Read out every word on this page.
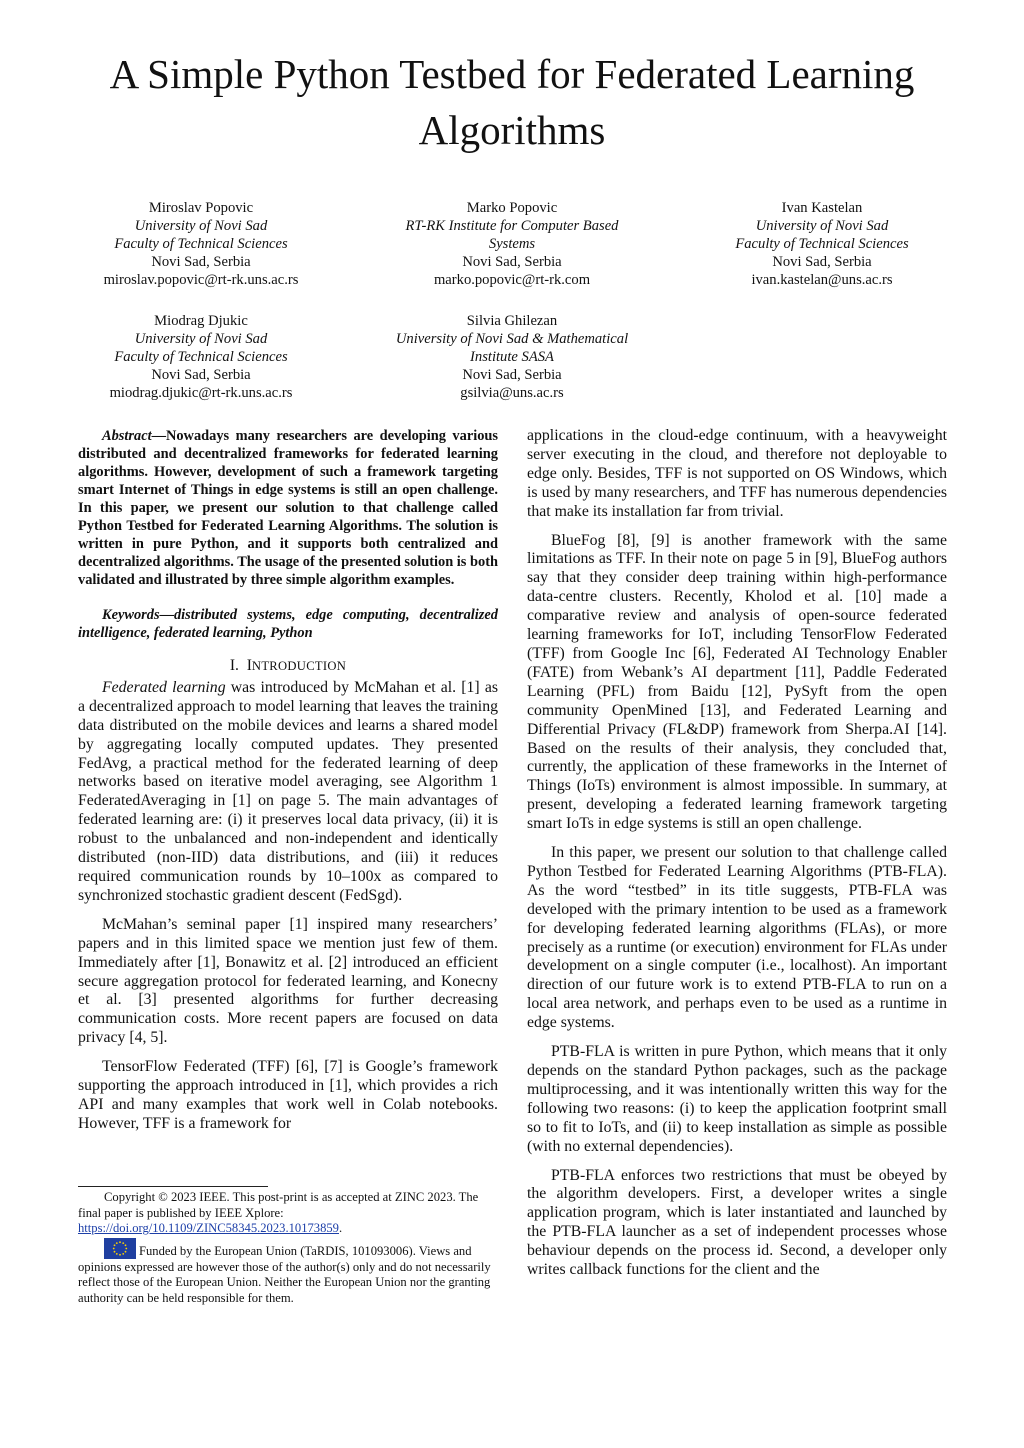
A Simple Python Testbed for Federated Learning
Algorithms
Miroslav Popovic
University of Novi Sad
Faculty of Technical Sciences
Novi Sad, Serbia
miroslav.popovic@rt-rk.uns.ac.rs
Marko Popovic
RT-RK Institute for Computer Based
Systems
Novi Sad, Serbia
marko.popovic@rt-rk.com
Ivan Kastelan
University of Novi Sad
Faculty of Technical Sciences
Novi Sad, Serbia
ivan.kastelan@uns.ac.rs
Miodrag Djukic
University of Novi Sad
Faculty of Technical Sciences
Novi Sad, Serbia
miodrag.djukic@rt-rk.uns.ac.rs
Silvia Ghilezan
University of Novi Sad & Mathematical
Institute SASA
Novi Sad, Serbia
gsilvia@uns.ac.rs

Abstract—Nowadays many researchers are developing various distributed and decentralized frameworks for federated learning algorithms. However, development of such a framework targeting smart Internet of Things in edge systems is still an open challenge. In this paper, we present our solution to that challenge called Python Testbed for Federated Learning Algorithms. The solution is written in pure Python, and it supports both centralized and decentralized algorithms. The usage of the presented solution is both validated and illustrated by three simple algorithm examples.

Keywords—distributed systems, edge computing, decentralized intelligence, federated learning, Python

I. INTRODUCTION

Federated learning was introduced by McMahan et al. [1] as a decentralized approach to model learning that leaves the training data distributed on the mobile devices and learns a shared model by aggregating locally computed updates. They presented FedAvg, a practical method for the federated learning of deep networks based on iterative model averaging, see Algorithm 1 FederatedAveraging in [1] on page 5. The main advantages of federated learning are: (i) it preserves local data privacy, (ii) it is robust to the unbalanced and non-independent and identically distributed (non-IID) data distributions, and (iii) it reduces required communication rounds by 10–100x as compared to synchronized stochastic gradient descent (FedSgd).

McMahan’s seminal paper [1] inspired many researchers’ papers and in this limited space we mention just few of them. Immediately after [1], Bonawitz et al. [2] introduced an efficient secure aggregation protocol for federated learning, and Konecny et al. [3] presented algorithms for further decreasing communication costs. More recent papers are focused on data privacy [4, 5].

TensorFlow Federated (TFF) [6], [7] is Google’s framework supporting the approach introduced in [1], which provides a rich API and many examples that work well in Colab notebooks. However, TFF is a framework for

applications in the cloud-edge continuum, with a heavyweight server executing in the cloud, and therefore not deployable to edge only. Besides, TFF is not supported on OS Windows, which is used by many researchers, and TFF has numerous dependencies that make its installation far from trivial.

BlueFog [8], [9] is another framework with the same limitations as TFF. In their note on page 5 in [9], BlueFog authors say that they consider deep training within high-performance data-centre clusters. Recently, Kholod et al. [10] made a comparative review and analysis of open-source federated learning frameworks for IoT, including TensorFlow Federated (TFF) from Google Inc [6], Federated AI Technology Enabler (FATE) from Webank’s AI department [11], Paddle Federated Learning (PFL) from Baidu [12], PySyft from the open community OpenMined [13], and Federated Learning and Differential Privacy (FL&DP) framework from Sherpa.AI [14]. Based on the results of their analysis, they concluded that, currently, the application of these frameworks in the Internet of Things (IoTs) environment is almost impossible. In summary, at present, developing a federated learning framework targeting smart IoTs in edge systems is still an open challenge.

In this paper, we present our solution to that challenge called Python Testbed for Federated Learning Algorithms (PTB-FLA). As the word “testbed” in its title suggests, PTB-FLA was developed with the primary intention to be used as a framework for developing federated learning algorithms (FLAs), or more precisely as a runtime (or execution) environment for FLAs under development on a single computer (i.e., localhost). An important direction of our future work is to extend PTB-FLA to run on a local area network, and perhaps even to be used as a runtime in edge systems.

PTB-FLA is written in pure Python, which means that it only depends on the standard Python packages, such as the package multiprocessing, and it was intentionally written this way for the following two reasons: (i) to keep the application footprint small so to fit to IoTs, and (ii) to keep installation as simple as possible (with no external dependencies).

PTB-FLA enforces two restrictions that must be obeyed by the algorithm developers. First, a developer writes a single application program, which is later instantiated and launched by the PTB-FLA launcher as a set of independent processes whose behaviour depends on the process id. Second, a developer only writes callback functions for the client and the

Copyright © 2023 IEEE. This post-print is as accepted at ZINC 2023. The final paper is published by IEEE Xplore:
https://doi.org/10.1109/ZINC58345.2023.10173859.
Funded by the European Union (TaRDIS, 101093006). Views and opinions expressed are however those of the author(s) only and do not necessarily reflect those of the European Union. Neither the European Union nor the granting authority can be held responsible for them.
